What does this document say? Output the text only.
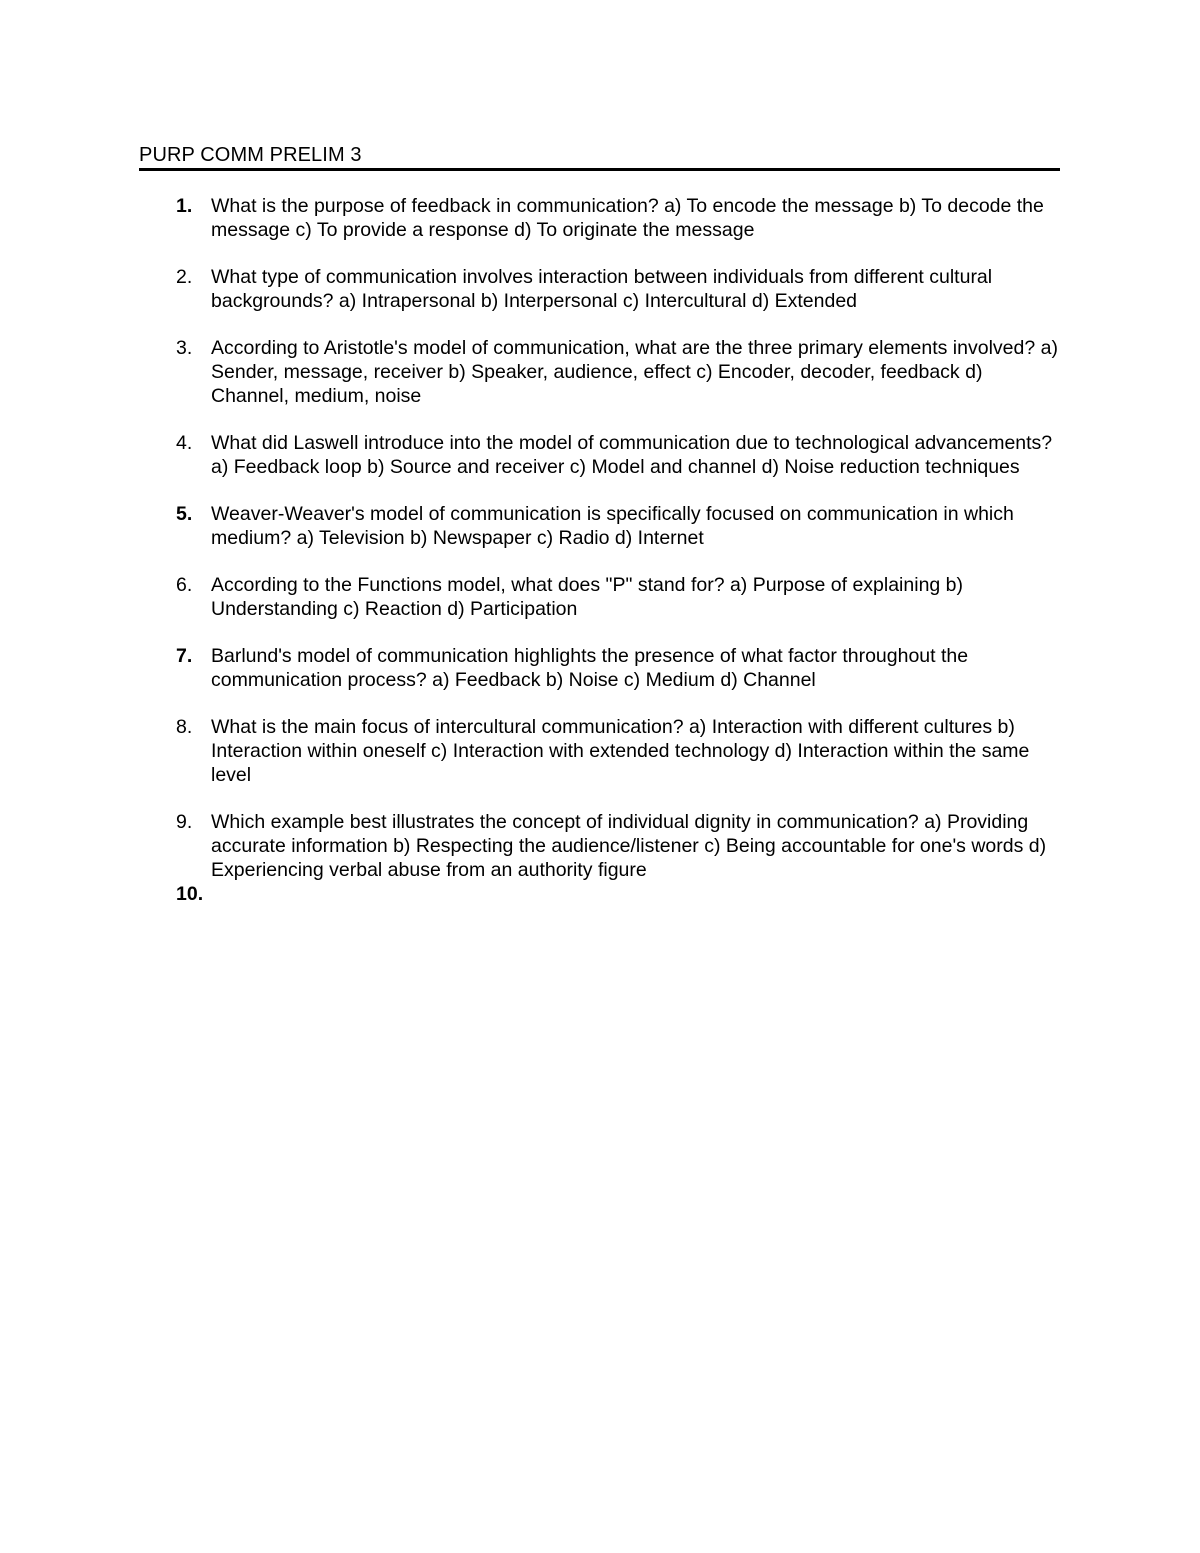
PURP COMM PRELIM 3
1. What is the purpose of feedback in communication? a) To encode the message b) To decode the message c) To provide a response d) To originate the message
2. What type of communication involves interaction between individuals from different cultural backgrounds? a) Intrapersonal b) Interpersonal c) Intercultural d) Extended
3. According to Aristotle's model of communication, what are the three primary elements involved? a) Sender, message, receiver b) Speaker, audience, effect c) Encoder, decoder, feedback d) Channel, medium, noise
4. What did Laswell introduce into the model of communication due to technological advancements? a) Feedback loop b) Source and receiver c) Model and channel d) Noise reduction techniques
5. Weaver-Weaver's model of communication is specifically focused on communication in which medium? a) Television b) Newspaper c) Radio d) Internet
6. According to the Functions model, what does "P" stand for? a) Purpose of explaining b) Understanding c) Reaction d) Participation
7. Barlund's model of communication highlights the presence of what factor throughout the communication process? a) Feedback b) Noise c) Medium d) Channel
8. What is the main focus of intercultural communication? a) Interaction with different cultures b) Interaction within oneself c) Interaction with extended technology d) Interaction within the same level
9. Which example best illustrates the concept of individual dignity in communication? a) Providing accurate information b) Respecting the audience/listener c) Being accountable for one's words d) Experiencing verbal abuse from an authority figure
10.
